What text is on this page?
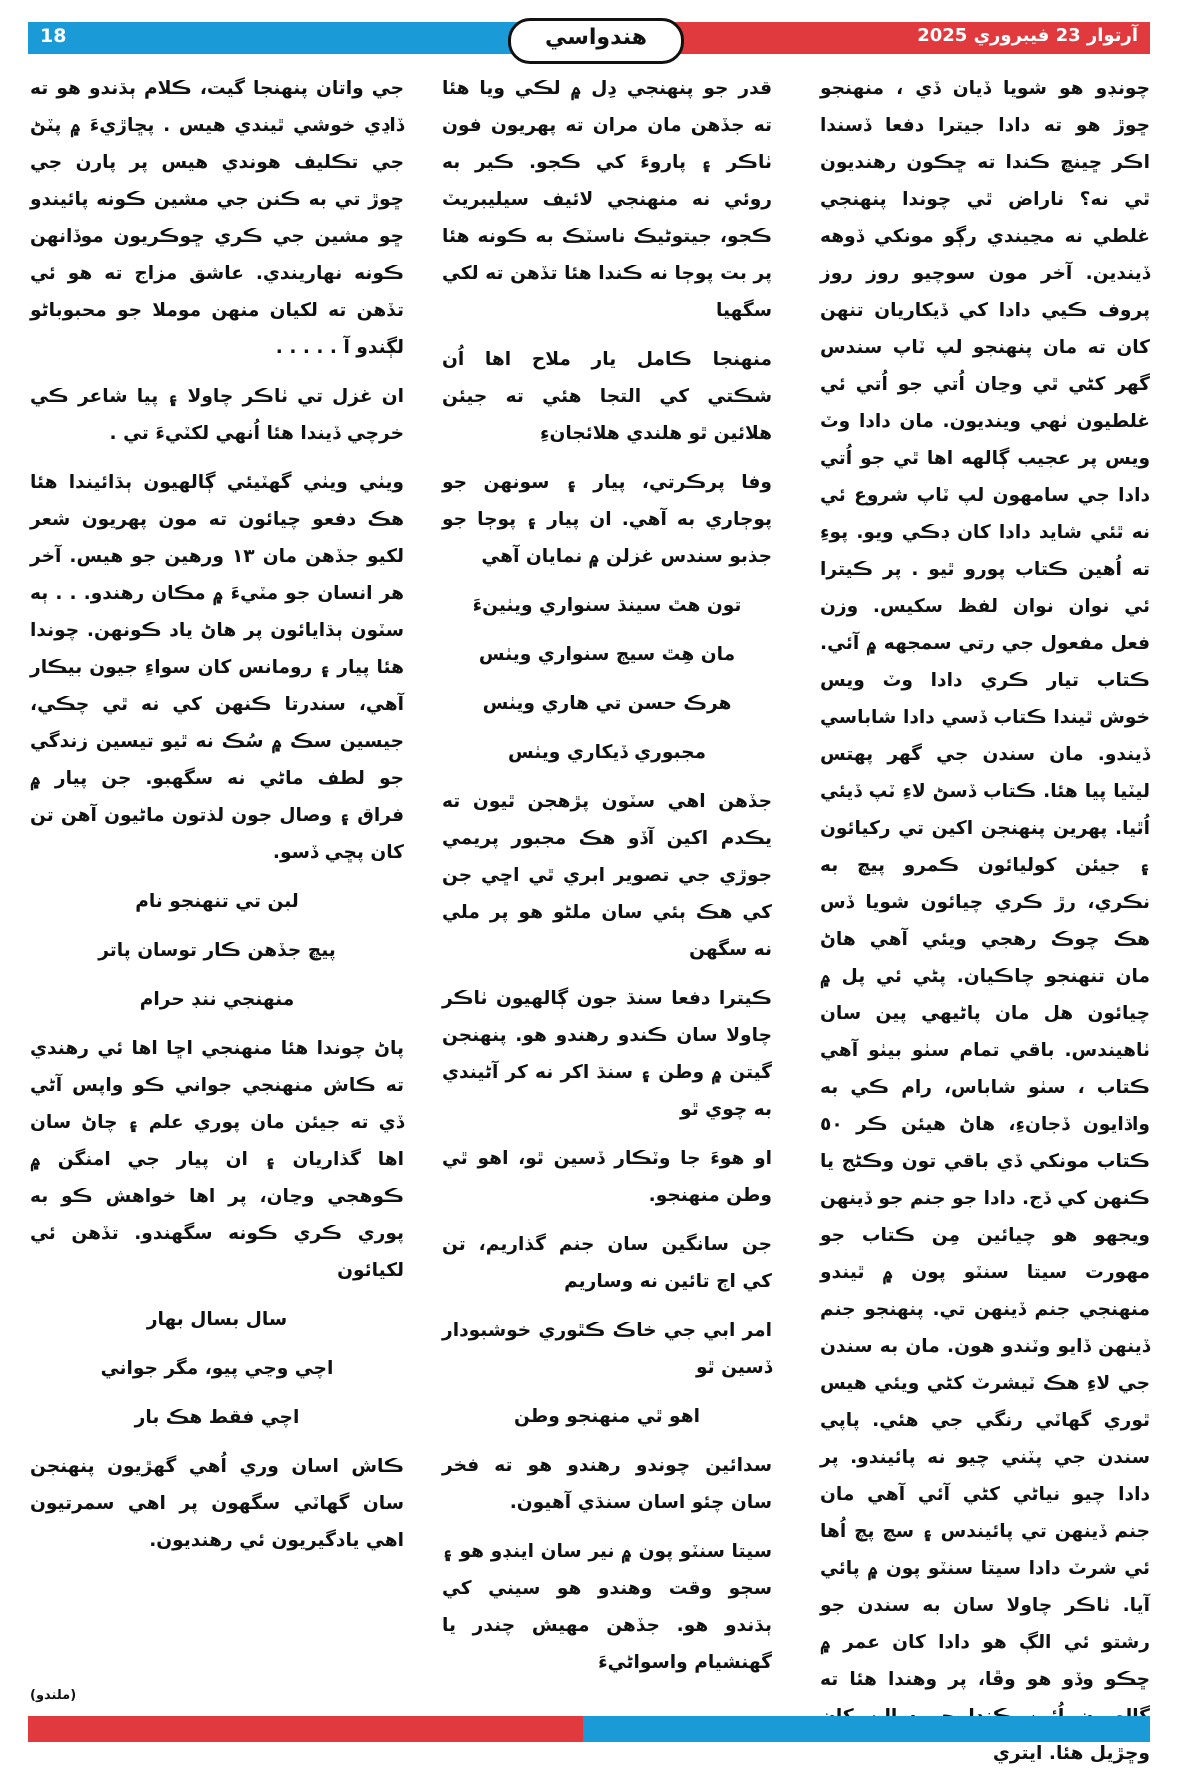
18	هندواسي	آرتوار 23 فيبروري 2025

چونڊو هو شويا ڏيان ڏي ، منهنجو ڇوڙ هو ته دادا جيترا دفعا ڏسندا اڪر ڇينڇ ڪندا ته ڇڪون رهنديون ٿي نه؟ ناراض ٿي چوندا پنهنجي غلطي نه مڃيندي رڳو مونکي ڏوهه ڏيندين. آخر مون سوچيو روز روز پروف ڪيي دادا کي ڏيکاريان تنهن کان ته مان پنهنجو لپ ٽاپ سندس گهر کڻي ٿي وڃان اُتي جو اُتي ئي غلطيون ٺهي وينديون. مان دادا وٽ ويس پر عجيب ڳالهه اها ٿي جو اُتي دادا جي سامهون لپ ٽاپ شروع ئي نه ٿئي شايد دادا کان ڊڪي ويو. پوءِ ته اُهين ڪتاب پورو ٿيو . پر ڪيترا ئي نوان نوان لفظ سکيس. وزن فعل مفعول جي رتي سمجهه ۾ آئي. ڪتاب تيار ڪري دادا وٽ ويس خوش ٿيندا ڪتاب ڏسي دادا شاباسي ڏيندو. مان سندن جي گهر پهتس ليٽيا پيا هئا. ڪتاب ڏسڻ لاءِ ٽپ ڏيئي اُٿيا. پهرين پنهنجن اکين تي رکيائون ۽ جيئن کوليائون ڪمرو پيچ به نڪري، رڙ ڪري چيائون شويا ڏس هڪ چوڪ رهجي ويئي آهي هاڻ مان تنهنجو چاڪيان. پڻي ئي پل ۾ چيائون هل مان پاڻيهي پين سان ٺاهيندس. باقي تمام سٺو بيٺو آهي ڪتاب ، سٺو شاباس، رام ڪي به واڌايون ڏجانءِ، هاڻ هيئن ڪر ٥٠ ڪتاب مونکي ڏي باقي تون وڪڻج يا ڪنهن کي ڏج. دادا جو جنم جو ڏينهن ويجهو هو چيائين مِن ڪتاب جو مهورت سيتا سنٽو پون ۾ ٿيندو منهنجي جنم ڏينهن تي. پنهنجو جنم ڏينهن ڏايو وٽندو هون. مان به سندن جي لاءِ هڪ ٽيشرٽ کڻي ويئي هيس ٿوري گهاٽي رنگي جي هئي. پاپي سندن جي پٽني چيو نه پائيندو. پر دادا چيو نياڻي کڻي آئي آهي مان جنم ڏينهن تي پائيندس ۽ سچ پچ اُها ئي شرٽ دادا سيتا سنٽو پون ۾ پائي آيا. ٺاڪر چاولا سان به سندن جو رشتو ئي الڳ هو دادا کان عمر ۾ ڇڪو وڏو هو وڦا، پر وهندا هئا ته وڇڙيل هئا. ايتري

قدر جو پنهنجي دِل ۾ لڪي ويا هئا ته جڏهن مان مران ته پهريون فون ٺاڪر ۽ پاروءَ کي ڪجو. ڪير به روئي نه منهنجي لائيف سيليبريٽ ڪجو، جيتوڻيڪ ناسٽڪ به ڪونه هئا پر بت پوڄا نه ڪندا هئا تڏهن ته لکي سگهيا

منهنجا ڪامل يار ملاح اها اُن شڪتي کي التجا هئي ته جيئن هلائين ٿو هلندي هلائجانءِ

وفا پرڪرتي، پيار ۽ سونهن جو پوڄاري به آهي. ان پيار ۽ پوڄا جو جذبو سندس غزلن ۾ نمايان آهي

تون هٿ سينڌ سنواري ويٺينءَ

مان هِٿ سيڄ سنواري ويٺس

هرڪ حسن تي هاري ويٺس

مجبوري ڏيکاري ويٺس

جڏهن اهي سٽون پڙهجن ٿيون ته يڪدم اکين آڏو هڪ مجبور پريمي جوڙي جي تصوير ابري ٿي اڇي جن کي هڪ ٻئي سان ملڻو هو پر ملي نه سگهن

ڪيترا دفعا سنڌ جون ڳالهيون ٺاڪر چاولا سان ڪندو رهندو هو. پنهنجن گيتن ۾ وطن ۽ سنڌ اکر نه کر آڻيندي به چوي ٿو

او هوءَ جا وٽڪار ڏسين ٿو، اهو ٿي وطن منهنجو.

جن سانگين سان جنم گذاريم، تن کي اڄ تائين نه وساريم

امر ابي جي خاڪ ڪٿوري خوشبودار ڏسين ٿو

اهو ٿي منهنجو وطن

سدائين چوندو رهندو هو ته فخر سان چئو اسان سنڌي آهيون.

سيتا سنٽو پون ۾ نير سان اينڊو هو ۽ سڄو وقت وهندو هو سيني کي ٻڌندو هو. جڏهن مهيش چندر يا گهنشيام واسواڻيءَ

جي واتان پنهنجا گيت، ڪلام ٻڌندو هو ته ڏاڍي خوشي ٿيندي هيس . پڇاڙيءَ ۾ پٽڻ جي تڪليف هوندي هيس پر پارن جي ڇوڙ تي به ڪنن جي مشين ڪونه پائيندو ڇو مشين جي ڪري ڇوڪريون موڏانهن ڪونه نهاريندي. عاشق مزاج ته هو ئي تڏهن ته لکيان منهن موملا جو محبوباڻو لڳندو آ . . . . .

ان غزل تي ٺاڪر چاولا ۽ پيا شاعر ڪي خرچي ڏيندا هئا اُنهي لکٽيءَ تي .

ويٺي ويٺي گهٽيئي ڳالهيون ٻڌائيندا هئا هڪ دفعو چيائون ته مون پهريون شعر لکيو جڏهن مان ١٣ ورهين جو هيس. آخر هر انسان جو مٽيءَ ۾ مڪان رهندو. . . ٻه سٽون ٻڌايائون پر هاڻ ياد ڪونهن. چوندا هئا پيار ۽ رومانس کان سواءِ جيون بيڪار آهي، سندرتا ڪنهن کي نه ٿي چڪي، جيسين سڪ ۾ سُڪ نه ٿيو تيسين زندگي جو لطف ماڻي نه سگهبو. جن پيار ۾ فراق ۽ وصال جون لذتون ماڻيون آهن تن کان پڇي ڏسو.

لبن تي تنهنجو نام

پيڇ جڏهن ڪار توسان پاتر

منهنجي ننڊ حرام

پاڻ چوندا هئا منهنجي اڇا اها ئي رهندي ته ڪاش منهنجي جواني ڪو واپس آڻي ڏي ته جيئن مان پوري علم ۽ چاڻ سان اها گذاريان ۽ ان پيار جي امنگن ۾ ڪوهجي وڃان، پر اها خواهش ڪو به پوري ڪري ڪونه سگهندو. تڏهن ئي لکيائون

سال بسال بهار

اچي وڃي پيو، مگر جواني

اچي فقط هڪ بار

ڪاش اسان وري اُهي گهڙيون پنهنجن سان گهاٽي سگهون پر اهي سمرتيون اهي يادگيريون ئي رهنديون.

(ملندو)
